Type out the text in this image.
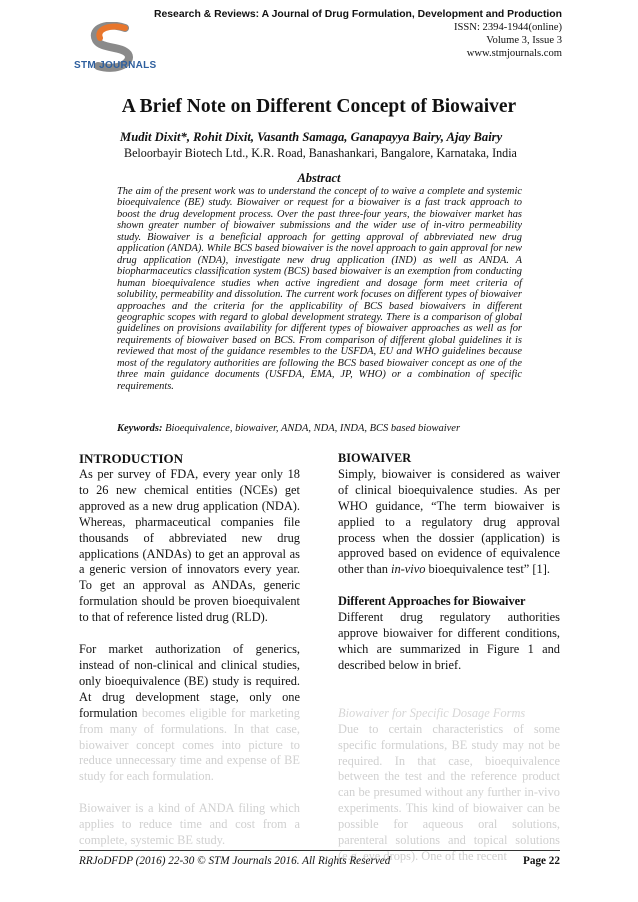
STM JOURNALS
Research & Reviews: A Journal of Drug Formulation, Development and Production
ISSN: 2394-1944(online)
Volume 3, Issue 3
www.stmjournals.com
A Brief Note on Different Concept of Biowaiver
Mudit Dixit*, Rohit Dixit, Vasanth Samaga, Ganapayya Bairy, Ajay Bairy
Beloorbayir Biotech Ltd., K.R. Road, Banashankari, Bangalore, Karnataka, India
Abstract
The aim of the present work was to understand the concept of to waive a complete and systemic bioequivalence (BE) study. Biowaiver or request for a biowaiver is a fast track approach to boost the drug development process. Over the past three-four years, the biowaiver market has shown greater number of biowaiver submissions and the wider use of in-vitro permeability study. Biowaiver is a beneficial approach for getting approval of abbreviated new drug application (ANDA). While BCS based biowaiver is the novel approach to gain approval for new drug application (NDA), investigate new drug application (IND) as well as ANDA. A biopharmaceutics classification system (BCS) based biowaiver is an exemption from conducting human bioequivalence studies when active ingredient and dosage form meet criteria of solubility, permeability and dissolution. The current work focuses on different types of biowaiver approaches and the criteria for the applicability of BCS based biowaivers in different geographic scopes with regard to global development strategy. There is a comparison of global guidelines on provisions availability for different types of biowaiver approaches as well as for requirements of biowaiver based on BCS. From comparison of different global guidelines it is reviewed that most of the guidance resembles to the USFDA, EU and WHO guidelines because most of the regulatory authorities are following the BCS based biowaiver concept as one of the three main guidance documents (USFDA, EMA, JP, WHO) or a combination of specific requirements.
Keywords: Bioequivalence, biowaiver, ANDA, NDA, INDA, BCS based biowaiver
INTRODUCTION

As per survey of FDA, every year only 18 to 26 new chemical entities (NCEs) get approved as a new drug application (NDA). Whereas, pharmaceutical companies file thousands of abbreviated new drug applications (ANDAs) to get an approval as a generic version of innovators every year. To get an approval as ANDAs, generic formulation should be proven bioequivalent to that of reference listed drug (RLD).

For market authorization of generics, instead of non-clinical and clinical studies, only bioequivalence (BE) study is required. At drug development stage, only one formulation becomes eligible for marketing from many of formulations. In that case, biowaiver concept comes into picture to reduce unnecessary time and expense of BE study for each formulation.

Biowaiver is a kind of ANDA filing which applies to reduce time and cost from a complete, systemic BE study.

BIOWAIVER

Simply, biowaiver is considered as waiver of clinical bioequivalence studies. As per WHO guidance, “The term biowaiver is applied to a regulatory drug approval process when the dossier (application) is approved based on evidence of equivalence other than in-vivo bioequivalence test” [1].

Different Approaches for Biowaiver

Different drug regulatory authorities approve biowaiver for different conditions, which are summarized in Figure 1 and described below in brief.

Biowaiver for Specific Dosage Forms

Due to certain characteristics of some specific formulations, BE study may not be required. In that case, bioequivalence between the test and the reference product can be presumed without any further in-vivo experiments. This kind of biowaiver can be possible for aqueous oral solutions, parenteral solutions and topical solutions (e.g. eye drops). One of the recent

RRJoDFDP (2016) 22-30 © STM Journals 2016. All Rights Reserved	Page 22
